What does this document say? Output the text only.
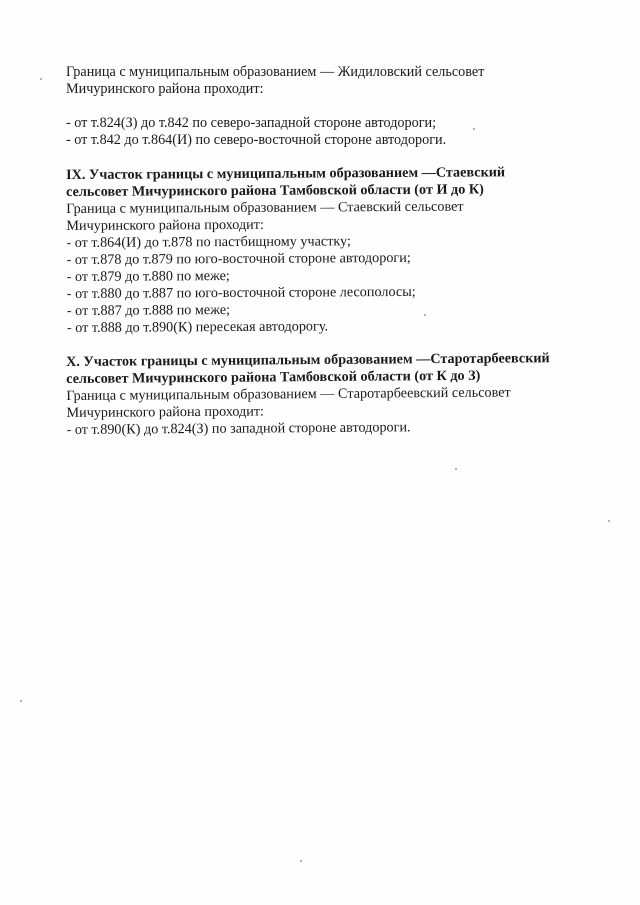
Граница с муниципальным образованием — Жидиловский сельсовет

Мичуринского района проходит:

- от т.824(З) до т.842 по северо-западной стороне автодороги;

- от т.842 до т.864(И) по северо-восточной стороне автодороги.

IX. Участок границы с муниципальным образованием —Стаевский

сельсовет Мичуринского района Тамбовской области (от И до К)

Граница с муниципальным образованием — Стаевский сельсовет

Мичуринского района проходит:

- от т.864(И) до т.878 по пастбищному участку;

- от т.878 до т.879 по юго-восточной стороне автодороги;

- от т.879 до т.880 по меже;

- от т.880 до т.887 по юго-восточной стороне лесополосы;

- от т.887 до т.888 по меже;

- от т.888 до т.890(К) пересекая автодорогу.

X. Участок границы с муниципальным образованием —Старотарбеевский

сельсовет Мичуринского района Тамбовской области (от К до З)

Граница с муниципальным образованием — Старотарбеевский сельсовет

Мичуринского района проходит:

- от т.890(К) до т.824(З) по западной стороне автодороги.
